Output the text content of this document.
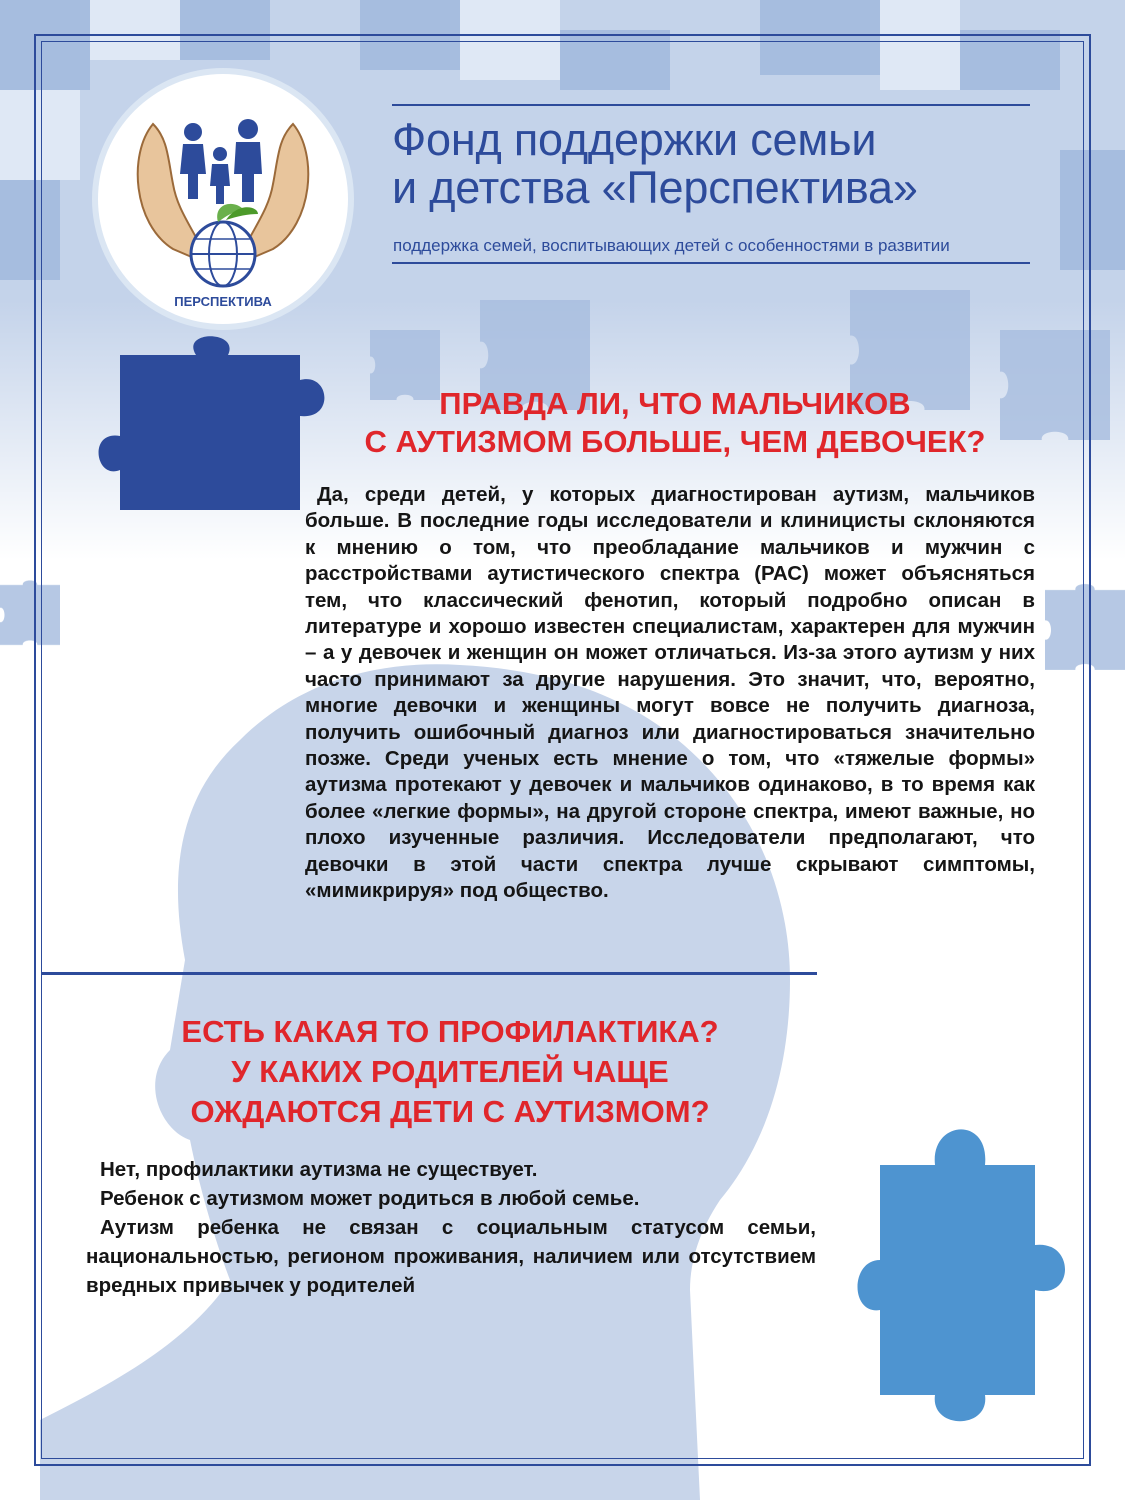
ПЕРСПЕКТИВА
Фонд поддержки семьи
и детства «Перспектива»

поддержка семей, воспитывающих детей с особенностями в развитии

ПРАВДА ЛИ, ЧТО МАЛЬЧИКОВ
С АУТИЗМОМ БОЛЬШЕ, ЧЕМ ДЕВОЧЕК?

Да, среди детей, у которых диагностирован аутизм, мальчиков больше. В последние годы исследователи и клиницисты склоняются к мнению о том, что преобладание мальчиков и мужчин с расстройствами аутистического спектра (РАС) может объясняться тем, что классический фенотип, который подробно описан в литературе и хорошо известен специалистам, характерен для мужчин – а у девочек и женщин он может отличаться. Из-за этого аутизм у них часто принимают за другие нарушения. Это значит, что, вероятно, многие девочки и женщины могут вовсе не получить диагноза, получить ошибочный диагноз или диагностироваться значительно позже. Среди ученых есть мнение о том, что «тяжелые формы» аутизма протекают у девочек и мальчиков одинаково, в то время как более «легкие формы», на другой стороне спектра, имеют важные, но плохо изученные различия. Исследователи предполагают, что девочки в этой части спектра лучше скрывают симптомы, «мимикрируя» под общество.

ЕСТЬ КАКАЯ ТО ПРОФИЛАКТИКА?
У КАКИХ РОДИТЕЛЕЙ ЧАЩЕ
ОЖДАЮТСЯ ДЕТИ С АУТИЗМОМ?

Нет, профилактики аутизма не существует.

Ребенок с аутизмом может родиться в любой семье.

Аутизм ребенка не связан с социальным статусом семьи, национальностью, регионом проживания, наличием или отсутствием вредных привычек у родителей
